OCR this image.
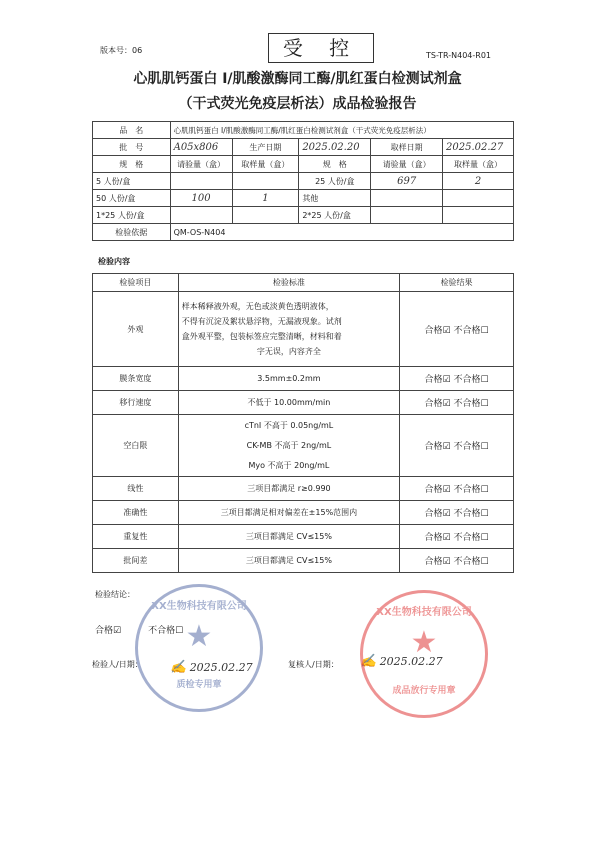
版本号：06	受 控	TS-TR-N404-R01
心肌肌钙蛋白 I/肌酸激酶同工酶/肌红蛋白检测试剂盒
（干式荧光免疫层析法）成品检验报告
品　名	心肌肌钙蛋白 I/肌酸激酶同工酶/肌红蛋白检测试剂盒（干式荧光免疫层析法）				
批　号	A05x806	生产日期	2025.02.20	取样日期	2025.02.27
规　格	请验量（盒）	取样量（盒）	规　格	请验量（盒）	取样量（盒）
5 人份/盒			25 人份/盒	697	2
50 人份/盒	100	1	其他		
1*25 人份/盒			2*25 人份/盒		
检验依据	QM-OS-N404				
检验内容
检验项目	检验标准	检验结果
外观	样本稀释液外观，无色或淡黄色透明液体，
不得有沉淀及絮状悬浮物，无漏液现象。试剂
盒外观平整，包装标签应完整清晰，材料和着
字无误，内容齐全	合格☑ 不合格☐
膜条宽度	3.5mm±0.2mm	合格☑ 不合格☐
移行速度	不低于 10.00mm/min	合格☑ 不合格☐
空白限	cTnI 不高于 0.05ng/mL
CK-MB 不高于 2ng/mL
Myo 不高于 20ng/mL	合格☑ 不合格☐
线性	三项目都满足 r≥0.990	合格☑ 不合格☐
准确性	三项目都满足相对偏差在±15%范围内	合格☑ 不合格☐
重复性	三项目都满足 CV≤15%	合格☑ 不合格☐
批间差	三项目都满足 CV≤15%	合格☑ 不合格☐
检验结论：
合格☑　　　	不合格☐
检验人/日期： ✍ 2025.02.27	复核人/日期： ✍ 2025.02.27
XX生物科技有限公司
★
质检专用章
XX生物科技有限公司
★
成品放行专用章
